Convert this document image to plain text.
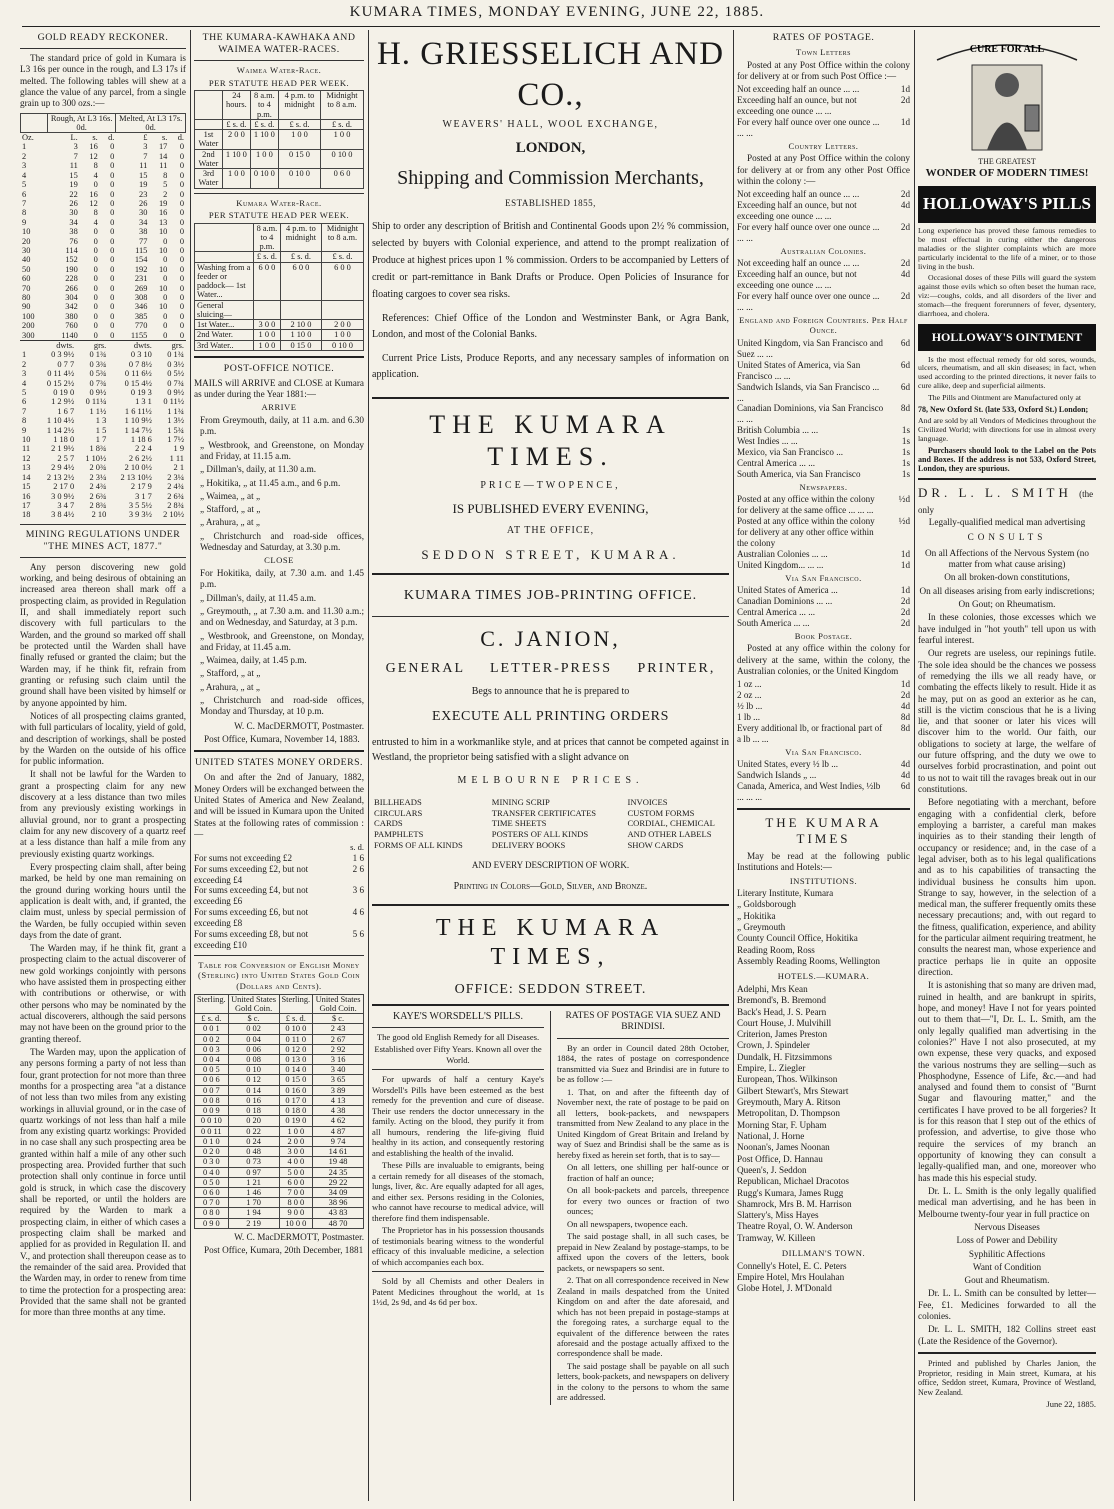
KUMARA TIMES, MONDAY EVENING, JUNE 22, 1885.
GOLD READY RECKONER.

The standard price of gold in Kumara is L3 16s per ounce in the rough, and L3 17s if melted. The following tables will shew at a glance the value of any parcel, from a single grain up to 300 ozs.:—

	Rough, At L3 16s. 0d.	Melted, At L3 17s. 0d.
Oz.	L.	s.	d.	£	s.	d.
1	3	16	0	3	17	0
2	7	12	0	7	14	0
3	11	8	0	11	11	0
4	15	4	0	15	8	0
5	19	0	0	19	5	0
6	22	16	0	23	2	0
7	26	12	0	26	19	0
8	30	8	0	30	16	0
9	34	4	0	34	13	0
10	38	0	0	38	10	0
20	76	0	0	77	0	0
30	114	0	0	115	10	0
40	152	0	0	154	0	0
50	190	0	0	192	10	0
60	228	0	0	231	0	0
70	266	0	0	269	10	0
80	304	0	0	308	0	0
90	342	0	0	346	10	0
100	380	0	0	385	0	0
200	760	0	0	770	0	0
300	1140	0	0	1155	0	0
	dwts.	grs.	dwts.	grs.
1	0 3 9½	0 1¾	0 3 10	0 1¾
2	0 7 7	0 3¾	0 7 8½	0 3½
3	0 11 4½	0 5¾	0 11 6½	0 5½
4	0 15 2½	0 7¾	0 15 4½	0 7¾
5	0 19 0	0 9½	0 19 3	0 9½
6	1 2 9½	0 11¼	1 3 1	0 11½
7	1 6 7	1 1½	1 6 11½	1 1¾
8	1 10 4½	1 3	1 10 9½	1 3½
9	1 14 2½	1 5	1 14 7½	1 5¾
10	1 18 0	1 7	1 18 6	1 7½
11	2 1 9½	1 8¾	2 2 4	1 9
12	2 5 7	1 10½	2 6 2½	1 11
13	2 9 4½	2 0¾	2 10 0½	2 1
14	2 13 2½	2 3¼	2 13 10½	2 3¼
15	2 17 0	2 4¾	2 17 9	2 4¾
16	3 0 9½	2 6¾	3 1 7	2 6¾
17	3 4 7	2 8¾	3 5 5½	2 8¾
18	3 8 4½	2 10	3 9 3½	2 10½
MINING REGULATIONS UNDER "THE MINES ACT, 1877."

Any person discovering new gold working, and being desirous of obtaining an increased area thereon shall mark off a prospecting claim, as provided in Regulation II, and shall immediately report such discovery with full particulars to the Warden, and the ground so marked off shall be protected until the Warden shall have finally refused or granted the claim; but the Warden may, if he think fit, refrain from granting or refusing such claim until the ground shall have been visited by himself or by anyone appointed by him.

Notices of all prospecting claims granted, with full particulars of locality, yield of gold, and description of workings, shall be posted by the Warden on the outside of his office for public information.

It shall not be lawful for the Warden to grant a prospecting claim for any new discovery at a less distance than two miles from any previously existing workings in alluvial ground, nor to grant a prospecting claim for any new discovery of a quartz reef at a less distance than half a mile from any previously existing quartz workings.

Every prospecting claim shall, after being marked, be held by one man remaining on the ground during working hours until the application is dealt with, and, if granted, the claim must, unless by special permission of the Warden, be fully occupied within seven days from the date of grant.

The Warden may, if he think fit, grant a prospecting claim to the actual discoverer of new gold workings conjointly with persons who have assisted them in prospecting either with contributions or otherwise, or with other persons who may be nominated by the actual discoverers, although the said persons may not have been on the ground prior to the granting thereof.

The Warden may, upon the application of any persons forming a party of not less than four, grant protection for not more than three months for a prospecting area "at a distance of not less than two miles from any existing workings in alluvial ground, or in the case of quartz workings of not less than half a mile from any existing quartz workings: Provided in no case shall any such prospecting area be granted within half a mile of any other such prospecting area. Provided further that such protection shall only continue in force until gold is struck, in which case the discovery shall be reported, or until the holders are required by the Warden to mark a prospecting claim, in either of which cases a prospecting claim shall be marked and applied for as provided in Regulation II. and V., and protection shall thereupon cease as to the remainder of the said area. Provided that the Warden may, in order to renew from time to time the protection for a prospecting area: Provided that the same shall not be granted for more than three months at any time.

THE KUMARA-KAWHAKA AND WAIMEA WATER-RACES.
Waimea Water-Race.
PER STATUTE HEAD PER WEEK.
	24 hours.	8 a.m. to 4 p.m.	4 p.m. to midnight	Midnight to 8 a.m.
	£ s. d.	£ s. d.	£ s. d.	£ s. d.
1st Water	2 0 0	1 10 0	1 0 0	1 0 0
2nd Water	1 10 0	1 0 0	0 15 0	0 10 0
3rd Water	1 0 0	0 10 0	0 10 0	0 6 0
Kumara Water-Race.
PER STATUTE HEAD PER WEEK.
	8 a.m. to 4 p.m.	4 p.m. to midnight	Midnight to 8 a.m.
	£ s. d.	£ s. d.	£ s. d.
Washing from a feeder or paddock— 1st Water...	6 0 0	6 0 0	6 0 0
General sluicing—			
1st Water...	3 0 0	2 10 0	2 0 0
2nd Water.	1 0 0	1 10 0	1 0 0
3rd Water..	1 0 0	0 15 0	0 10 0
POST-OFFICE NOTICE.

MAILS will ARRIVE and CLOSE at Kumara as under during the Year 1881:—

ARRIVE

From Greymouth, daily, at 11 a.m. and 6.30 p.m.

„ Westbrook, and Greenstone, on Monday and Friday, at 11.15 a.m.

„ Dillman's, daily, at 11.30 a.m.

„ Hokitika, „ at 11.45 a.m., and 6 p.m.

„ Waimea, „ at „

„ Stafford, „ at „

„ Arahura, „ at „

„ Christchurch and road-side offices, Wednesday and Saturday, at 3.30 p.m.

CLOSE

For Hokitika, daily, at 7.30 a.m. and 1.45 p.m.

„ Dillman's, daily, at 11.45 a.m.

„ Greymouth, „ at 7.30 a.m. and 11.30 a.m.; and on Wednesday, and Saturday, at 3 p.m.

„ Westbrook, and Greenstone, on Monday, and Friday, at 11.45 a.m.

„ Waimea, daily, at 1.45 p.m.

„ Stafford, „ at „

„ Arahura, „ at „

„ Christchurch and road-side offices, Monday and Thursday, at 10 p.m.

W. C. MacDERMOTT, Postmaster.

Post Office, Kumara, November 14, 1883.

UNITED STATES MONEY ORDERS.

On and after the 2nd of January, 1882, Money Orders will be exchanged between the United States of America and New Zealand, and will be issued in Kumara upon the United States at the following rates of commission :—

s. d.
For sums not exceeding £2	1 6
For sums exceeding £2, but not exceeding £4	2 6
For sums exceeding £4, but not exceeding £6	3 6
For sums exceeding £6, but not exceeding £8	4 6
For sums exceeding £8, but not exceeding £10	5 6
Table for Conversion of English Money (Sterling) into United States Gold Coin (Dollars and Cents).
Sterling.	United States Gold Coin.	Sterling.	United States Gold Coin.
£ s. d.	$ c.	£ s. d.	$ c.
0 0 1	0 02	0 10 0	2 43
0 0 2	0 04	0 11 0	2 67
0 0 3	0 06	0 12 0	2 92
0 0 4	0 08	0 13 0	3 16
0 0 5	0 10	0 14 0	3 40
0 0 6	0 12	0 15 0	3 65
0 0 7	0 14	0 16 0	3 89
0 0 8	0 16	0 17 0	4 13
0 0 9	0 18	0 18 0	4 38
0 0 10	0 20	0 19 0	4 62
0 0 11	0 22	1 0 0	4 87
0 1 0	0 24	2 0 0	9 74
0 2 0	0 48	3 0 0	14 61
0 3 0	0 73	4 0 0	19 48
0 4 0	0 97	5 0 0	24 35
0 5 0	1 21	6 0 0	29 22
0 6 0	1 46	7 0 0	34 09
0 7 0	1 70	8 0 0	38 96
0 8 0	1 94	9 0 0	43 83
0 9 0	2 19	10 0 0	48 70

W. C. MacDERMOTT, Postmaster.

Post Office, Kumara, 20th December, 1881

H. GRIESSELICH AND CO.,
WEAVERS' HALL, WOOL EXCHANGE,
LONDON,
Shipping and Commission Merchants,
ESTABLISHED 1855,

Ship to order any description of British and Continental Goods upon 2½ % commission, selected by buyers with Colonial experience, and attend to the prompt realization of Produce at highest prices upon 1 % commission. Orders to be accompanied by Letters of credit or part-remittance in Bank Drafts or Produce. Open Policies of Insurance for floating cargoes to cover sea risks.

References: Chief Office of the London and Westminster Bank, or Agra Bank, London, and most of the Colonial Banks.

Current Price Lists, Produce Reports, and any necessary samples of information on application.

THE KUMARA TIMES.
PRICE—TWOPENCE,
IS PUBLISHED EVERY EVENING,
AT THE OFFICE,
SEDDON STREET, KUMARA.
KUMARA TIMES JOB-PRINTING OFFICE.
C. JANION,
GENERAL LETTER-PRESS PRINTER,
Begs to announce that he is prepared to
EXECUTE ALL PRINTING ORDERS

entrusted to him in a workmanlike style, and at prices that cannot be competed against in Westland, the proprietor being satisfied with a slight advance on

MELBOURNE PRICES.
BILLHEADS
CIRCULARS
CARDS
PAMPHLETS
FORMS OF ALL KINDS

MINING SCRIP
TRANSFER CERTIFICATES
TIME SHEETS
POSTERS OF ALL KINDS
DELIVERY BOOKS

INVOICES
CUSTOM FORMS
CORDIAL, CHEMICAL
AND OTHER LABELS
SHOW CARDS
AND EVERY DESCRIPTION OF WORK.
Printing in Colors—Gold, Silver, and Bronze.
THE KUMARA TIMES,
OFFICE: SEDDON STREET.
KAYE'S WORSDELL'S PILLS.

The good old English Remedy for all Diseases.

Established over Fifty Years. Known all over the World.

For upwards of half a century Kaye's Worsdell's Pills have been esteemed as the best remedy for the prevention and cure of disease. Their use renders the doctor unnecessary in the family. Acting on the blood, they purify it from all humours, rendering the life-giving fluid healthy in its action, and consequently restoring and establishing the health of the invalid.

These Pills are invaluable to emigrants, being a certain remedy for all diseases of the stomach, lungs, liver, &c. Are equally adapted for all ages, and either sex. Persons residing in the Colonies, who cannot have recourse to medical advice, will therefore find them indispensable.

The Proprietor has in his possession thousands of testimonials bearing witness to the wonderful efficacy of this invaluable medicine, a selection of which accompanies each box.

Sold by all Chemists and other Dealers in Patent Medicines throughout the world, at 1s 1½d, 2s 9d, and 4s 6d per box.

RATES OF POSTAGE VIA SUEZ AND BRINDISI.

By an order in Council dated 28th October, 1884, the rates of postage on correspondence transmitted via Suez and Brindisi are in future to be as follow :—

1. That, on and after the fifteenth day of November next, the rate of postage to be paid on all letters, book-packets, and newspapers transmitted from New Zealand to any place in the United Kingdom of Great Britain and Ireland by way of Suez and Brindisi shall be the same as is hereby fixed as herein set forth, that is to say—

On all letters, one shilling per half-ounce or fraction of half an ounce;

On all book-packets and parcels, threepence for every two ounces or fraction of two ounces;

On all newspapers, twopence each.

The said postage shall, in all such cases, be prepaid in New Zealand by postage-stamps, to be affixed upon the covers of the letters, book packets, or newspapers so sent.

2. That on all correspondence received in New Zealand in mails despatched from the United Kingdom on and after the date aforesaid, and which has not been prepaid in postage-stamps at the foregoing rates, a surcharge equal to the equivalent of the difference between the rates aforesaid and the postage actually affixed to the correspondence shall be made.

The said postage shall be payable on all such letters, book-packets, and newspapers on delivery in the colony to the persons to whom the same are addressed.

RATES OF POSTAGE.
Town Letters

Posted at any Post Office within the colony for delivery at or from such Post Office :—

Not exceeding half an ounce ... ...	1d
Exceeding half an ounce, but not exceeding one ounce ... ...	2d
For every half ounce over one ounce ... ... ...	1d
Country Letters.

Posted at any Post Office within the colony for delivery at or from any other Post Office within the colony :—

Not exceeding half an ounce ... ...	2d
Exceeding half an ounce, but not exceeding one ounce ... ...	4d
For every half ounce over one ounce ... ... ...	2d
Australian Colonies.
Not exceeding half an ounce ... ...	2d
Exceeding half an ounce, but not exceeding one ounce ... ...	4d
For every half ounce over one ounce ... ... ...	2d
England and Foreign Countries. Per Half Ounce.
United Kingdom, via San Francisco and Suez ... ...	6d
United States of America, via San Francisco ... ...	6d
Sandwich Islands, via San Francisco ... ...	6d
Canadian Dominions, via San Francisco ... ...	8d
British Columbia ... ...	1s
West Indies ... ...	1s
Mexico, via San Francisco ...	1s
Central America ... ...	1s
South America, via San Francisco	1s
Newspapers.
Posted at any office within the colony for delivery at the same office ... ... ...	½d
Posted at any office within the colony for delivery at any other office within the colony	½d
Australian Colonies ... ...	1d
United Kingdom... ... ...	1d
Via San Francisco.
United States of America ...	1d
Canadian Dominions ... ...	2d
Central America ... ...	2d
South America ... ...	2d
Book Postage.

Posted at any office within the colony for delivery at the same, within the colony, the Australian colonies, or the United Kingdom

1 oz ...	1d
2 oz ...	2d
½ lb ...	4d
1 lb ...	8d
Every additional lb, or fractional part of a lb ... ...	8d
Via San Francisco.
United States, every ½ lb ...	4d
Sandwich Islands „ ...	4d
Canada, America, and West Indies, ½lb ... ... ...	6d
THE KUMARA TIMES

May be read at the following public Institutions and Hotels:—

INSTITUTIONS.
Literary Institute, Kumara
„ Goldsborough
„ Hokitika
„ Greymouth
County Council Office, Hokitika
Reading Room, Ross
Assembly Reading Rooms, Wellington
HOTELS.—KUMARA.
Adelphi, Mrs Kean
Bremond's, B. Bremond
Back's Head, J. S. Pearn
Court House, J. Mulvihill
Criterion, James Preston
Crown, J. Spindeler
Dundalk, H. Fitzsimmons
Empire, L. Ziegler
European, Thos. Wilkinson
Gilbert Stewart's, Mrs Stewart
Greymouth, Mary A. Ritson
Metropolitan, D. Thompson
Morning Star, F. Upham
National, J. Horne
Noonan's, James Noonan
Post Office, D. Hannau
Queen's, J. Seddon
Republican, Michael Dracotos
Rugg's Kumara, James Rugg
Shamrock, Mrs B. M. Harrison
Slattery's, Miss Hayes
Theatre Royal, O. W. Anderson
Tramway, W. Killeen
DILLMAN'S TOWN.
Connelly's Hotel, E. C. Peters
Empire Hotel, Mrs Houlahan
Globe Hotel, J. M'Donald
CURE FOR ALL
THE GREATEST
WONDER OF MODERN TIMES!
HOLLOWAY'S PILLS

Long experience has proved these famous remedies to be most effectual in curing either the dangerous maladies or the slighter complaints which are more particularly incidental to the life of a miner, or to those living in the bush.

Occasional doses of these Pills will guard the system against those evils which so often beset the human race, viz:—coughs, colds, and all disorders of the liver and stomach—the frequent forerunners of fever, dysentery, diarrhoea, and cholera.

HOLLOWAY'S OINTMENT

Is the most effectual remedy for old sores, wounds, ulcers, rheumatism, and all skin diseases; in fact, when used according to the printed directions, it never fails to cure alike, deep and superficial ailments.

The Pills and Ointment are Manufactured only at

78, New Oxford St. (late 533, Oxford St.) London;

And are sold by all Vendors of Medicines throughout the Civilized World; with directions for use in almost every language.

Purchasers should look to the Label on the Pots and Boxes. If the address is not 533, Oxford Street, London, they are spurious.

DR. L. L. SMITH (the only

Legally-qualified medical man advertising

CONSULTS

On all Affections of the Nervous System (no matter from what cause arising)

On all broken-down constitutions,

On all diseases arising from early indiscretions;

On Gout; on Rheumatism.

In these colonies, those excesses which we have indulged in "hot youth" tell upon us with fearful interest.

Our regrets are useless, our repinings futile. The sole idea should be the chances we possess of remedying the ills we all ready have, or combating the effects likely to result. Hide it as he may, put on as good an exterior as he can, still is the victim conscious that he is a living lie, and that sooner or later his vices will discover him to the world. Our faith, our obligations to society at large, the welfare of our future offspring, and the duty we owe to ourselves forbid procrastination, and point out to us not to wait till the ravages break out in our constitutions.

Before negotiating with a merchant, before engaging with a confidential clerk, before employing a barrister, a careful man makes inquiries as to their standing their length of occupancy or residence; and, in the case of a legal adviser, both as to his legal qualifications and as to his capabilities of transacting the individual business he consults him upon. Strange to say, however, in the selection of a medical man, the sufferer frequently omits these necessary precautions; and, with out regard to the fitness, qualification, experience, and ability for the particular ailment requiring treatment, he consults the nearest man, whose experience and practice perhaps lie in quite an opposite direction.

It is astonishing that so many are driven mad, ruined in health, and are bankrupt in spirits, hope, and money! Have I not for years pointed out to them that—"I, Dr. L. L. Smith, am the only legally qualified man advertising in the colonies?" Have I not also prosecuted, at my own expense, these very quacks, and exposed the various nostrums they are selling—such as Phosphodyne, Essence of Life, &c.—and had analysed and found them to consist of "Burnt Sugar and flavouring matter," and the certificates I have proved to be all forgeries? It is for this reason that I step out of the ethics of profession, and advertise, to give those who require the services of my branch an opportunity of knowing they can consult a legally-qualified man, and one, moreover who has made this his especial study.

Dr. L. L. Smith is the only legally qualified medical man advertising, and he has been in Melbourne twenty-four year in full practice on

Nervous Diseases

Loss of Power and Debility

Syphilitic Affections

Want of Condition

Gout and Rheumatism.

Dr. L. L. Smith can be consulted by letter—Fee, £1. Medicines forwarded to all the colonies.

Dr. L. L. SMITH, 182 Collins street east (Late the Residence of the Governor).

Printed and published by Charles Janion, the Proprietor, residing in Main street, Kumara, at his office, Seddon street, Kumara, Province of Westland, New Zealand.

June 22, 1885.
